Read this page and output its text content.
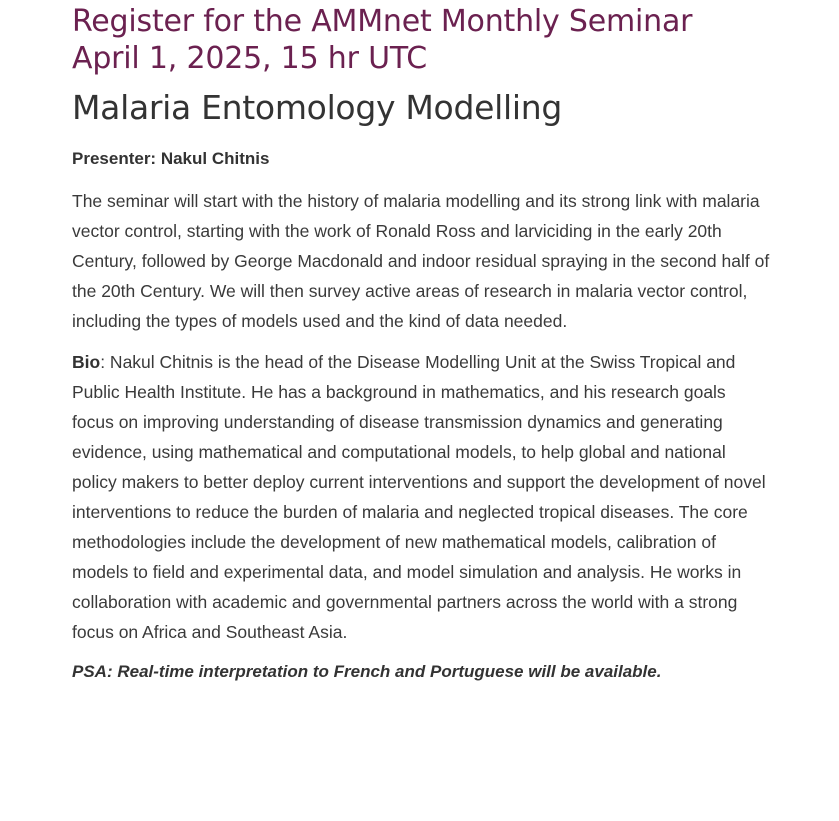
Register for the AMMnet Monthly Seminar
April 1, 2025, 15 hr UTC
Malaria Entomology Modelling

Presenter: Nakul Chitnis

The seminar will start with the history of malaria modelling and its strong link with malaria vector control, starting with the work of Ronald Ross and larviciding in the early 20th Century, followed by George Macdonald and indoor residual spraying in the second half of the 20th Century. We will then survey active areas of research in malaria vector control, including the types of models used and the kind of data needed.

Bio: Nakul Chitnis is the head of the Disease Modelling Unit at the Swiss Tropical and Public Health Institute. He has a background in mathematics, and his research goals focus on improving understanding of disease transmission dynamics and generating evidence, using mathematical and computational models, to help global and national policy makers to better deploy current interventions and support the development of novel interventions to reduce the burden of malaria and neglected tropical diseases. The core methodologies include the development of new mathematical models, calibration of models to field and experimental data, and model simulation and analysis. He works in collaboration with academic and governmental partners across the world with a strong focus on Africa and Southeast Asia.

PSA: Real-time interpretation to French and Portuguese will be available.
